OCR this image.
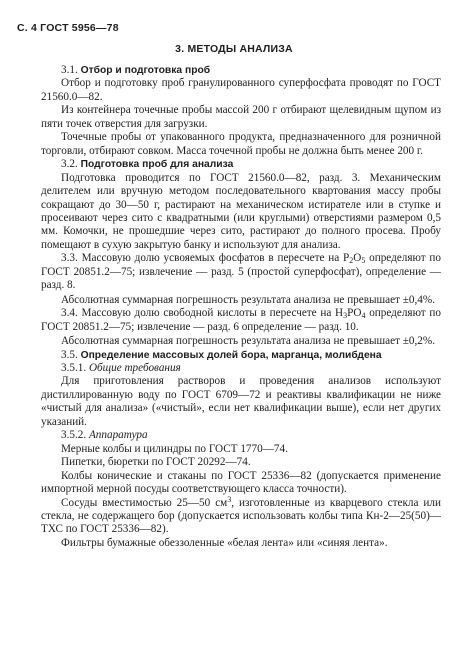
С. 4 ГОСТ 5956—78
3. МЕТОДЫ АНАЛИЗА

3.1. Отбор и подготовка проб

Отбор и подготовку проб гранулированного суперфосфата проводят по ГОСТ 21560.0—82.

Из контейнера точечные пробы массой 200 г отбирают щелевидным щупом из пяти точек отверстия для загрузки.

Точечные пробы от упакованного продукта, предназначенного для розничной торговли, отбирают совком. Масса точечной пробы не должна быть менее 200 г.

3.2. Подготовка проб для анализа

Подготовка проводится по ГОСТ 21560.0—82, разд. 3. Механическим делителем или вручную методом последовательного квартования массу пробы сокращают до 30—50 г, растирают на механическом истирателе или в ступке и просеивают через сито с квадратными (или круглыми) отверстиями размером 0,5 мм. Комочки, не прошедшие через сито, растирают до полного просева. Пробу помещают в сухую закрытую банку и используют для анализа.

3.3. Массовую долю усвояемых фосфатов в пересчете на $P_2O_5$ определяют по ГОСТ 20851.2—75; извлечение — разд. 5 (простой суперфосфат), определение — разд. 8.

Абсолютная суммарная погрешность результата анализа не превышает ±0,4%.

3.4. Массовую долю свободной кислоты в пересчете на $H_3PO_4$ определяют по ГОСТ 20851.2—75; извлечение — разд. 6 определение — разд. 10.

Абсолютная суммарная погрешность результата анализа не превышает ±0,2%.

3.5. Определение массовых долей бора, марганца, молибдена

3.5.1. Общие требования

Для приготовления растворов и проведения анализов используют дистиллированную воду по ГОСТ 6709—72 и реактивы квалификации не ниже «чистый для анализа» («чистый», если нет квалификации выше), если нет других указаний.

3.5.2. Аппаратура

Мерные колбы и цилиндры по ГОСТ 1770—74.

Пипетки, бюретки по ГОСТ 20292—74.

Колбы конические и стаканы по ГОСТ 25336—82 (допускается применение импортной мерной посуды соответствующего класса точности).

Сосуды вместимостью 25—50 $см^3$, изготовленные из кварцевого стекла или стекла, не содержащего бор (допускается использовать колбы типа Кн-2—25(50)—ТХС по ГОСТ 25336—82).

Фильтры бумажные обеззоленные «белая лента» или «синяя лента».
